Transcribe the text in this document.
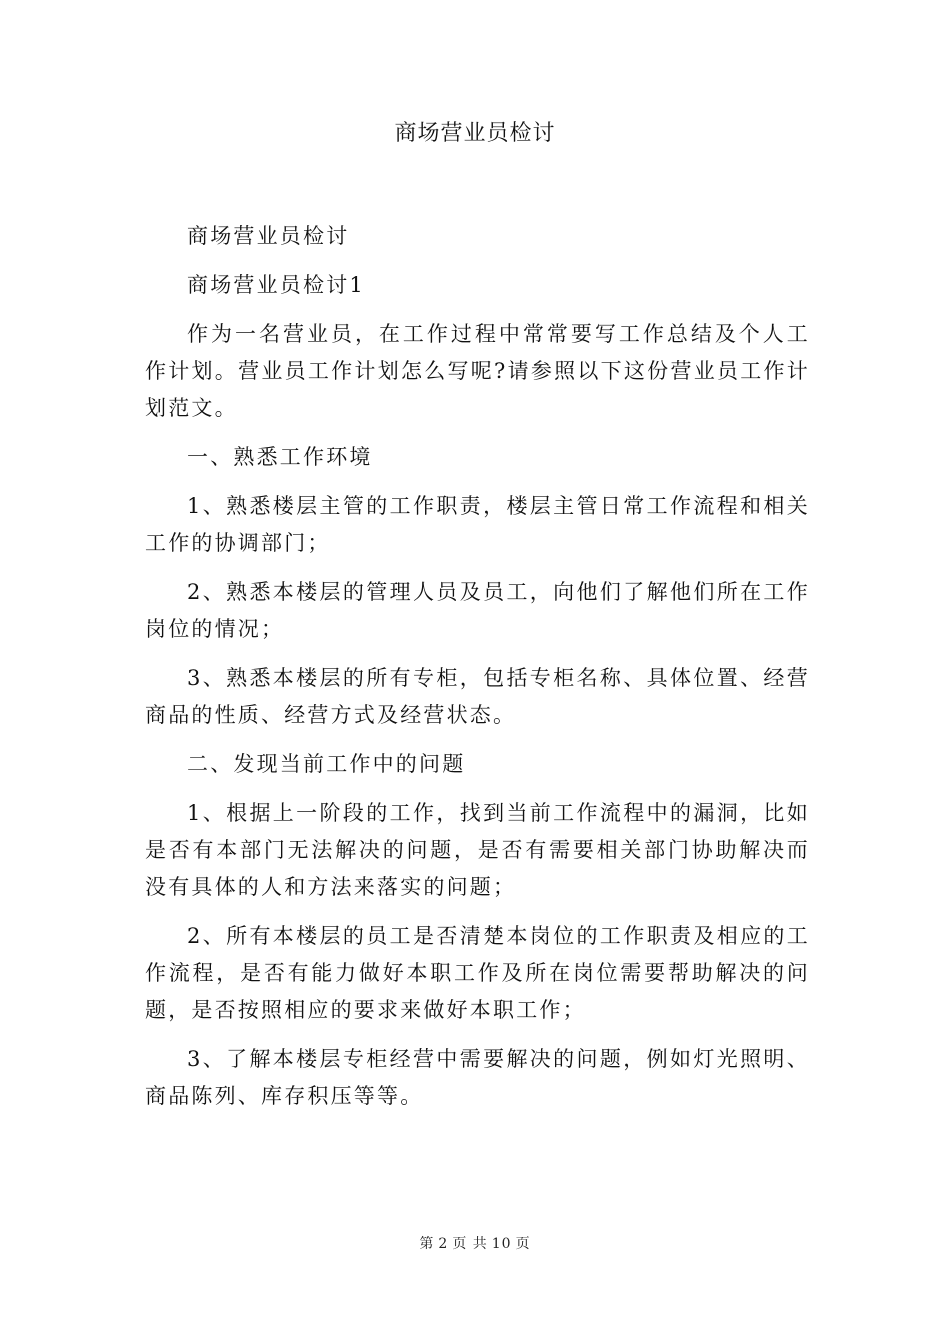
商场营业员检讨

商场营业员检讨

商场营业员检讨1

作为一名营业员，在工作过程中常常要写工作总结及个人工作计划。营业员工作计划怎么写呢?请参照以下这份营业员工作计划范文。

一、熟悉工作环境

1、熟悉楼层主管的工作职责，楼层主管日常工作流程和相关工作的协调部门；

2、熟悉本楼层的管理人员及员工，向他们了解他们所在工作岗位的情况；

3、熟悉本楼层的所有专柜，包括专柜名称、具体位置、经营商品的性质、经营方式及经营状态。

二、发现当前工作中的问题

1、根据上一阶段的工作，找到当前工作流程中的漏洞，比如是否有本部门无法解决的问题，是否有需要相关部门协助解决而没有具体的人和方法来落实的问题；

2、所有本楼层的员工是否清楚本岗位的工作职责及相应的工作流程，是否有能力做好本职工作及所在岗位需要帮助解决的问题，是否按照相应的要求来做好本职工作；

3、了解本楼层专柜经营中需要解决的问题，例如灯光照明、商品陈列、库存积压等等。

第 2 页 共 10 页
